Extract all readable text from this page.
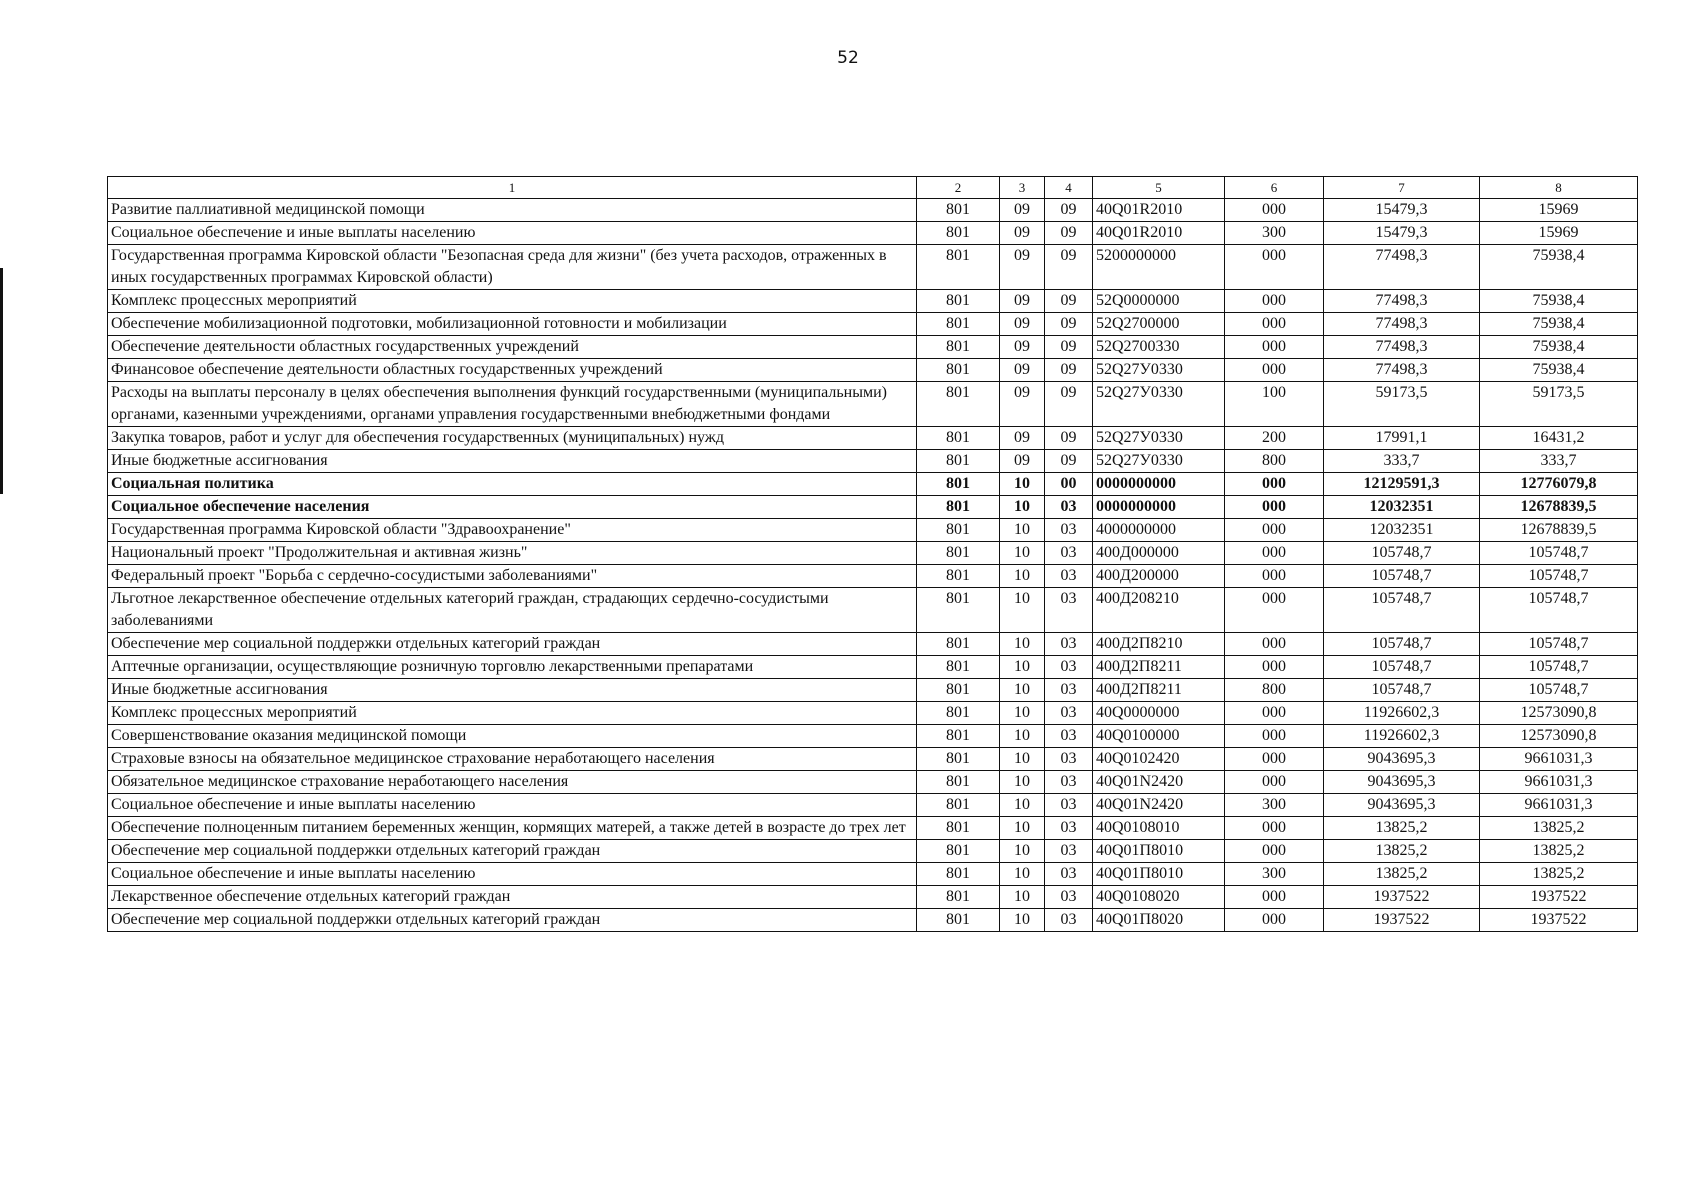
52
1	2	3	4	5	6	7	8
Развитие паллиативной медицинской помощи	801	09	09	40Q01R2010	000	15479,3	15969
Социальное обеспечение и иные выплаты населению	801	09	09	40Q01R2010	300	15479,3	15969
Государственная программа Кировской области "Безопасная среда для жизни" (без учета расходов, отраженных в иных государственных программах Кировской области)	801	09	09	5200000000	000	77498,3	75938,4
Комплекс процессных мероприятий	801	09	09	52Q0000000	000	77498,3	75938,4
Обеспечение мобилизационной подготовки, мобилизационной готовности и мобилизации	801	09	09	52Q2700000	000	77498,3	75938,4
Обеспечение деятельности областных государственных учреждений	801	09	09	52Q2700330	000	77498,3	75938,4
Финансовое обеспечение деятельности областных государственных учреждений	801	09	09	52Q27У0330	000	77498,3	75938,4
Расходы на выплаты персоналу в целях обеспечения выполнения функций государственными (муниципальными) органами, казенными учреждениями, органами управления государственными внебюджетными фондами	801	09	09	52Q27У0330	100	59173,5	59173,5
Закупка товаров, работ и услуг для обеспечения государственных (муниципальных) нужд	801	09	09	52Q27У0330	200	17991,1	16431,2
Иные бюджетные ассигнования	801	09	09	52Q27У0330	800	333,7	333,7
Социальная политика	801	10	00	0000000000	000	12129591,3	12776079,8
Социальное обеспечение населения	801	10	03	0000000000	000	12032351	12678839,5
Государственная программа Кировской области "Здравоохранение"	801	10	03	4000000000	000	12032351	12678839,5
Национальный проект "Продолжительная и активная жизнь"	801	10	03	400Д000000	000	105748,7	105748,7
Федеральный проект "Борьба с сердечно-сосудистыми заболеваниями"	801	10	03	400Д200000	000	105748,7	105748,7
Льготное лекарственное обеспечение отдельных категорий граждан, страдающих сердечно-сосудистыми заболеваниями	801	10	03	400Д208210	000	105748,7	105748,7
Обеспечение мер социальной поддержки отдельных категорий граждан	801	10	03	400Д2П8210	000	105748,7	105748,7
Аптечные организации, осуществляющие розничную торговлю лекарственными препаратами	801	10	03	400Д2П8211	000	105748,7	105748,7
Иные бюджетные ассигнования	801	10	03	400Д2П8211	800	105748,7	105748,7
Комплекс процессных мероприятий	801	10	03	40Q0000000	000	11926602,3	12573090,8
Совершенствование оказания медицинской помощи	801	10	03	40Q0100000	000	11926602,3	12573090,8
Страховые взносы на обязательное медицинское страхование неработающего населения	801	10	03	40Q0102420	000	9043695,3	9661031,3
Обязательное медицинское страхование неработающего населения	801	10	03	40Q01N2420	000	9043695,3	9661031,3
Социальное обеспечение и иные выплаты населению	801	10	03	40Q01N2420	300	9043695,3	9661031,3
Обеспечение полноценным питанием беременных женщин, кормящих матерей, а также детей в возрасте до трех лет	801	10	03	40Q0108010	000	13825,2	13825,2
Обеспечение мер социальной поддержки отдельных категорий граждан	801	10	03	40Q01П8010	000	13825,2	13825,2
Социальное обеспечение и иные выплаты населению	801	10	03	40Q01П8010	300	13825,2	13825,2
Лекарственное обеспечение отдельных категорий граждан	801	10	03	40Q0108020	000	1937522	1937522
Обеспечение мер социальной поддержки отдельных категорий граждан	801	10	03	40Q01П8020	000	1937522	1937522
